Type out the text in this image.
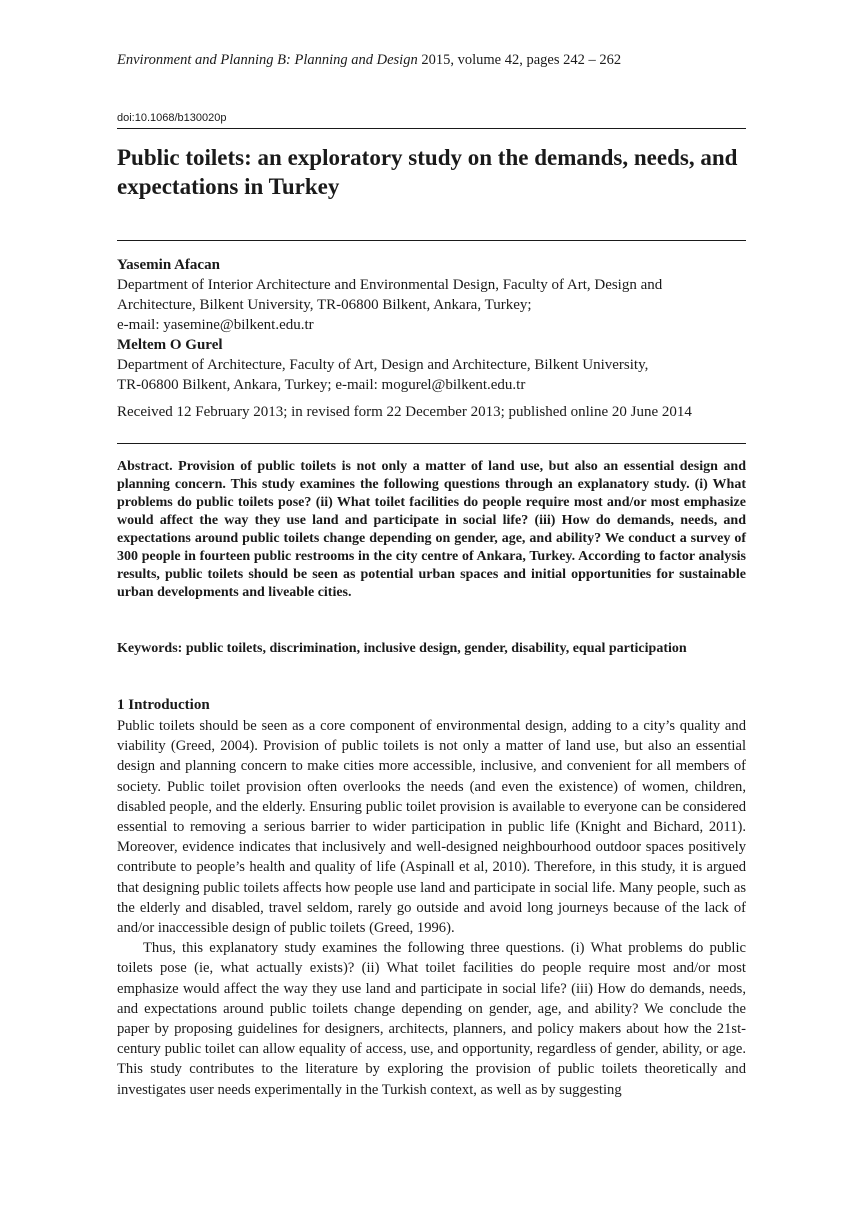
Environment and Planning B: Planning and Design 2015, volume 42, pages 242 – 262
doi:10.1068/b130020p
Public toilets: an exploratory study on the demands, needs, and expectations in Turkey
Yasemin Afacan
Department of Interior Architecture and Environmental Design, Faculty of Art, Design and
Architecture, Bilkent University, TR-06800 Bilkent, Ankara, Turkey;
e-mail: yasemine@bilkent.edu.tr
Meltem O Gurel
Department of Architecture, Faculty of Art, Design and Architecture, Bilkent University,
TR-06800 Bilkent, Ankara, Turkey; e-mail: mogurel@bilkent.edu.tr
Received 12 February 2013; in revised form 22 December 2013; published online 20 June 2014

Abstract. Provision of public toilets is not only a matter of land use, but also an essential design and planning concern. This study examines the following questions through an explanatory study. (i) What problems do public toilets pose? (ii) What toilet facilities do people require most and/or most emphasize would affect the way they use land and participate in social life? (iii) How do demands, needs, and expectations around public toilets change depending on gender, age, and ability? We conduct a survey of 300 people in fourteen public restrooms in the city centre of Ankara, Turkey. According to factor analysis results, public toilets should be seen as potential urban spaces and initial opportunities for sustainable urban developments and liveable cities.

Keywords: public toilets, discrimination, inclusive design, gender, disability, equal participation

1 Introduction

Public toilets should be seen as a core component of environmental design, adding to a city’s quality and viability (Greed, 2004). Provision of public toilets is not only a matter of land use, but also an essential design and planning concern to make cities more accessible, inclusive, and convenient for all members of society. Public toilet provision often overlooks the needs (and even the existence) of women, children, disabled people, and the elderly. Ensuring public toilet provision is available to everyone can be considered essential to removing a serious barrier to wider participation in public life (Knight and Bichard, 2011). Moreover, evidence indicates that inclusively and well-designed neighbourhood outdoor spaces positively contribute to people’s health and quality of life (Aspinall et al, 2010). Therefore, in this study, it is argued that designing public toilets affects how people use land and participate in social life. Many people, such as the elderly and disabled, travel seldom, rarely go outside and avoid long journeys because of the lack of and/or inaccessible design of public toilets (Greed, 1996).

Thus, this explanatory study examines the following three questions. (i) What problems do public toilets pose (ie, what actually exists)? (ii) What toilet facilities do people require most and/or most emphasize would affect the way they use land and participate in social life? (iii) How do demands, needs, and expectations around public toilets change depending on gender, age, and ability? We conclude the paper by proposing guidelines for designers, architects, planners, and policy makers about how the 21st-century public toilet can allow equality of access, use, and opportunity, regardless of gender, ability, or age. This study contributes to the literature by exploring the provision of public toilets theoretically and investigates user needs experimentally in the Turkish context, as well as by suggesting
